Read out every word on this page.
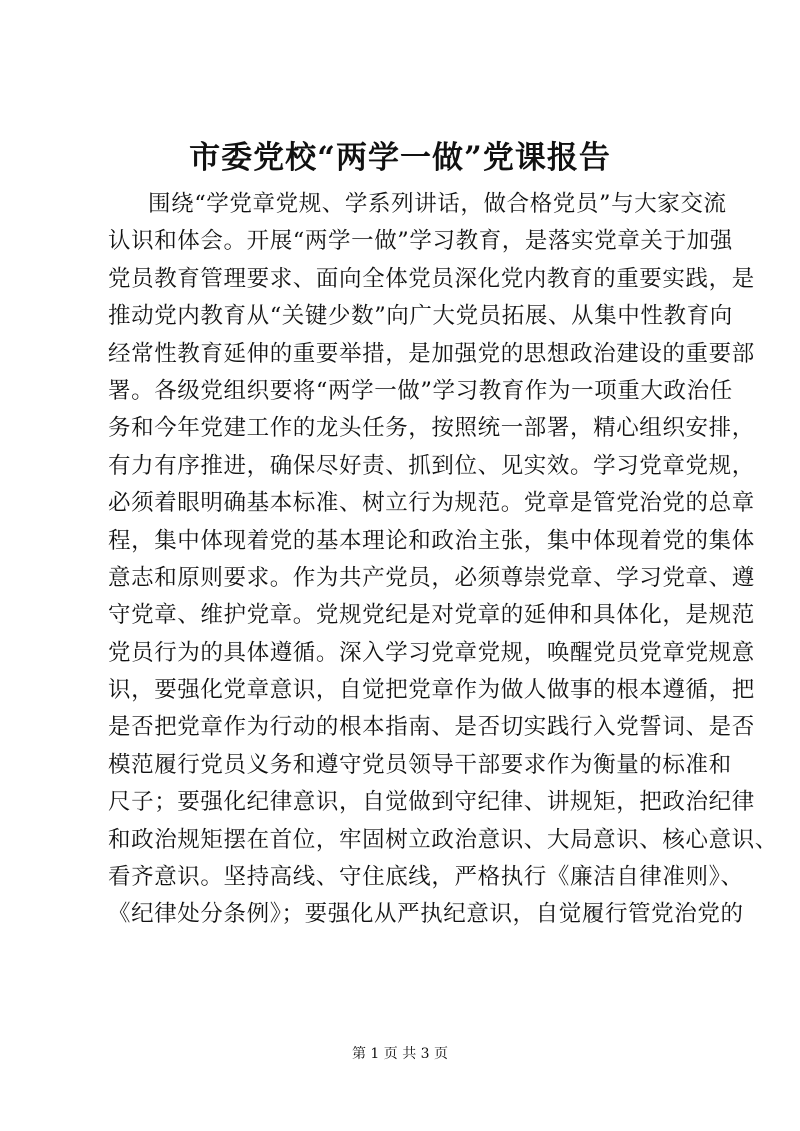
市委党校“两学一做”党课报告
围绕“学党章党规、学系列讲话，做合格党员”与大家交流
认识和体会。开展“两学一做”学习教育，是落实党章关于加强
党员教育管理要求、面向全体党员深化党内教育的重要实践，是
推动党内教育从“关键少数”向广大党员拓展、从集中性教育向
经常性教育延伸的重要举措，是加强党的思想政治建设的重要部
署。各级党组织要将“两学一做”学习教育作为一项重大政治任
务和今年党建工作的龙头任务，按照统一部署，精心组织安排，
有力有序推进，确保尽好责、抓到位、见实效。学习党章党规，
必须着眼明确基本标准、树立行为规范。党章是管党治党的总章
程，集中体现着党的基本理论和政治主张，集中体现着党的集体
意志和原则要求。作为共产党员，必须尊崇党章、学习党章、遵
守党章、维护党章。党规党纪是对党章的延伸和具体化，是规范
党员行为的具体遵循。深入学习党章党规，唤醒党员党章党规意
识，要强化党章意识，自觉把党章作为做人做事的根本遵循，把
是否把党章作为行动的根本指南、是否切实践行入党誓词、是否
模范履行党员义务和遵守党员领导干部要求作为衡量的标准和
尺子；要强化纪律意识，自觉做到守纪律、讲规矩，把政治纪律
和政治规矩摆在首位，牢固树立政治意识、大局意识、核心意识、
看齐意识。坚持高线、守住底线，严格执行《廉洁自律准则》、
《纪律处分条例》；要强化从严执纪意识，自觉履行管党治党的
第 1 页 共 3 页
